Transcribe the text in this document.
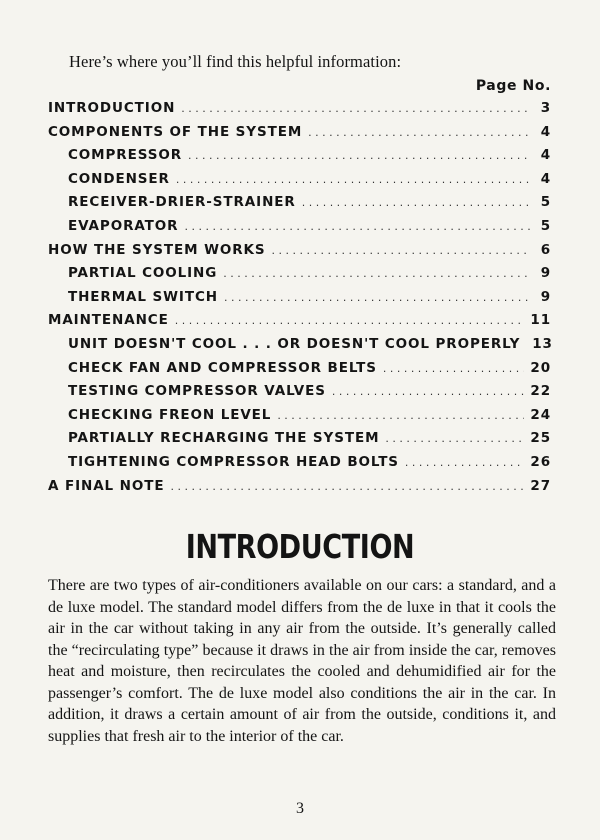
Here’s where you’ll find this helpful information:
Page No.
INTRODUCTION .....	3
COMPONENTS OF THE SYSTEM .....	4
COMPRESSOR .....	4
CONDENSER .....	4
RECEIVER-DRIER-STRAINER .....	5
EVAPORATOR .....	5
HOW THE SYSTEM WORKS .....	6
PARTIAL COOLING .....	9
THERMAL SWITCH .....	9
MAINTENANCE .....	11
UNIT DOESN'T COOL . . . OR DOESN'T COOL PROPERLY 13
CHECK FAN AND COMPRESSOR BELTS .....	20
TESTING COMPRESSOR VALVES .....	22
CHECKING FREON LEVEL .....	24
PARTIALLY RECHARGING THE SYSTEM .....	25
TIGHTENING COMPRESSOR HEAD BOLTS .....	26
A FINAL NOTE .....	27
INTRODUCTION
There are two types of air-conditioners available on our cars: a standard, and a de luxe model. The standard model differs from the de luxe in that it cools the air in the car without taking in any air from the outside. It’s generally called the “recirculating type” because it draws in the air from inside the car, removes heat and moisture, then recirculates the cooled and dehumidified air for the passenger’s comfort. The de luxe model also conditions the air in the car. In addition, it draws a certain amount of air from the outside, conditions it, and supplies that fresh air to the interior of the car.
3
